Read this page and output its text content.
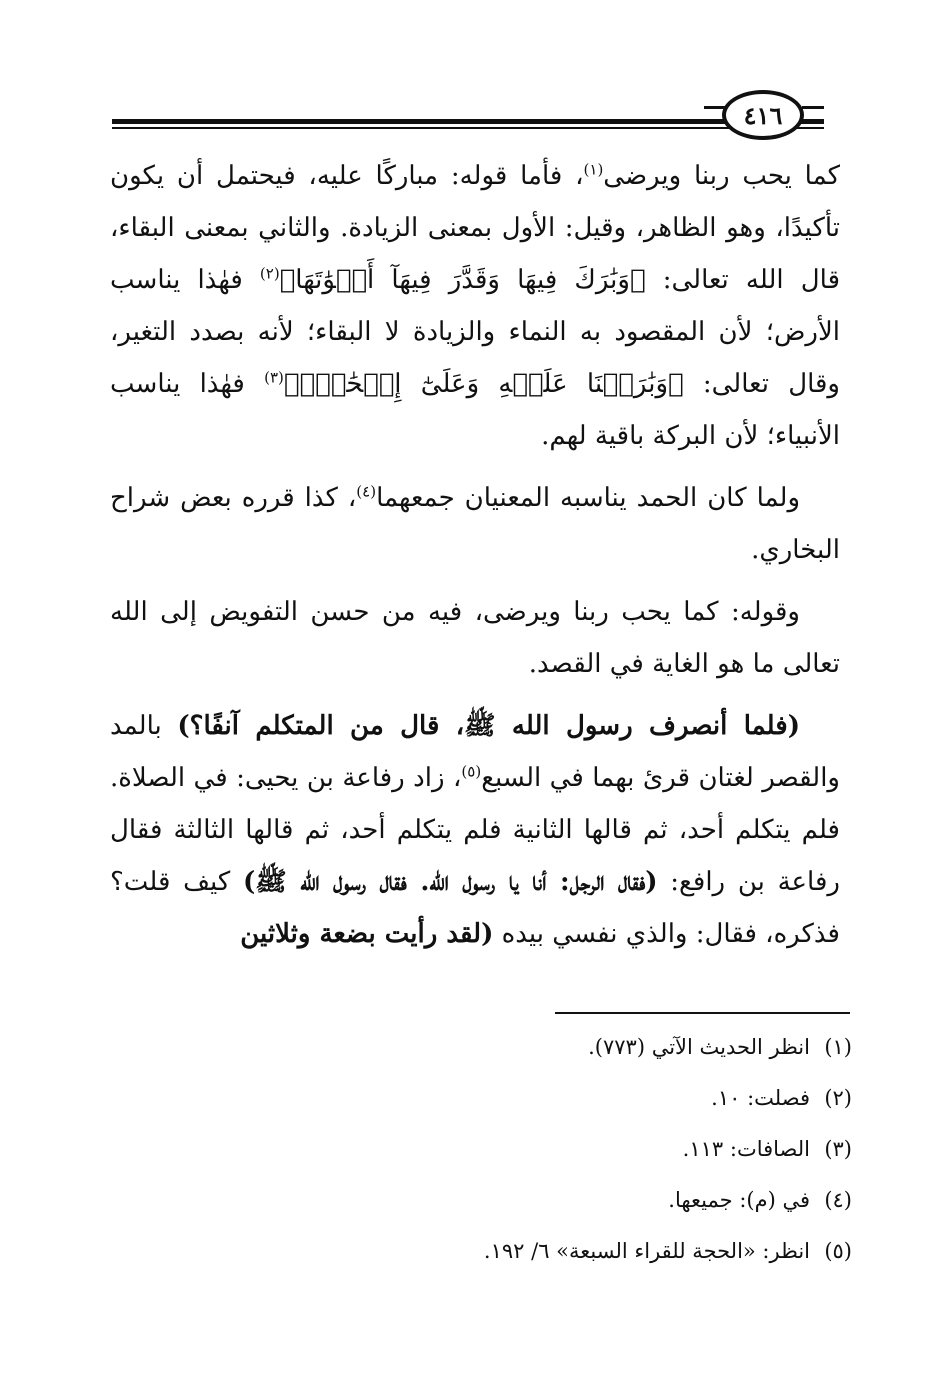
٤١٦

كما يحب ربنا ويرضى$^{(١)}$، فأما قوله: مباركًا عليه، فيحتمل أن يكون تأكيدًا، وهو الظاهر، وقيل: الأول بمعنى الزيادة. والثاني بمعنى البقاء، قال الله تعالى: ﴿وَبَٰرَكَ فِيهَا وَقَدَّرَ فِيهَآ أَقۡوَٰتَهَا﴾$^{(٢)}$ فهٰذا يناسب الأرض؛ لأن المقصود به النماء والزيادة لا البقاء؛ لأنه بصدد التغير، وقال تعالى: ﴿وَبَٰرَكۡنَا عَلَيۡهِ وَعَلَىٰٓ إِسۡحَٰقَۚ﴾$^{(٣)}$ فهٰذا يناسب الأنبياء؛ لأن البركة باقية لهم.

ولما كان الحمد يناسبه المعنيان جمعهما$^{(٤)}$، كذا قرره بعض شراح البخاري.

وقوله: كما يحب ربنا ويرضى، فيه من حسن التفويض إلى الله تعالى ما هو الغاية في القصد.

(فلما أنصرف رسول الله ﷺ، قال من المتكلم آنفًا؟) بالمد والقصر لغتان قرئ بهما في السبع$^{(٥)}$، زاد رفاعة بن يحيى: في الصلاة. فلم يتكلم أحد، ثم قالها الثانية فلم يتكلم أحد، ثم قالها الثالثة فقال رفاعة بن رافع: (فقال الرجل: أنا يا رسول الله. فقال رسول الله ﷺ) كيف قلت؟ فذكره، فقال: والذي نفسي بيده (لقد رأيت بضعة وثلاثين

(١)
انظر الحديث الآتي (٧٧٣).
(٢)
فصلت: ١٠.
(٣)
الصافات: ١١٣.
(٤)
في (م): جميعها.
(٥)
انظر: «الحجة للقراء السبعة» ٦/ ١٩٢.
